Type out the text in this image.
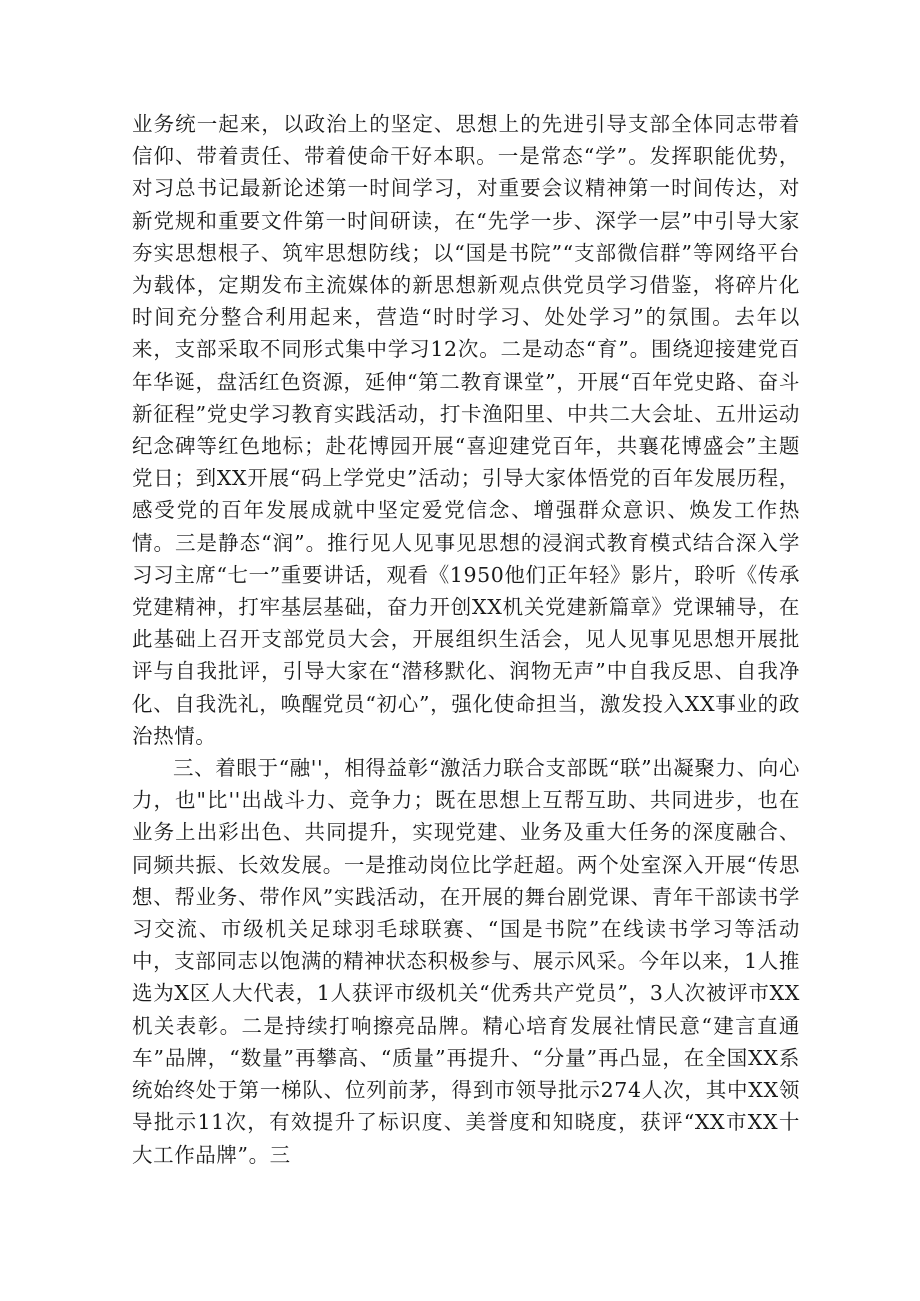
业务统一起来，以政治上的坚定、思想上的先进引导支部全体同志带着信仰、带着责任、带着使命干好本职。一是常态“学”。发挥职能优势，对习总书记最新论述第一时间学习，对重要会议精神第一时间传达，对新党规和重要文件第一时间研读，在“先学一步、深学一层”中引导大家夯实思想根子、筑牢思想防线；以“国是书院”“支部微信群”等网络平台为载体，定期发布主流媒体的新思想新观点供党员学习借鉴，将碎片化时间充分整合利用起来，营造“时时学习、处处学习”的氛围。去年以来，支部采取不同形式集中学习12次。二是动态“育”。围绕迎接建党百年华诞，盘活红色资源，延伸“第二教育课堂”，开展“百年党史路、奋斗新征程”党史学习教育实践活动，打卡渔阳里、中共二大会址、五卅运动纪念碑等红色地标；赴花博园开展“喜迎建党百年，共襄花博盛会”主题党日；到XX开展“码上学党史”活动；引导大家体悟党的百年发展历程，感受党的百年发展成就中坚定爱党信念、增强群众意识、焕发工作热情。三是静态“润”。推行见人见事见思想的浸润式教育模式结合深入学习习主席“七一”重要讲话，观看《1950他们正年轻》影片，聆听《传承党建精神，打牢基层基础，奋力开创XX机关党建新篇章》党课辅导，在此基础上召开支部党员大会，开展组织生活会，见人见事见思想开展批评与自我批评，引导大家在“潜移默化、润物无声”中自我反思、自我净化、自我洗礼，唤醒党员“初心”，强化使命担当，激发投入XX事业的政治热情。

三、着眼于“融''，相得益彰“激活力联合支部既“联”出凝聚力、向心力，也"比''出战斗力、竞争力；既在思想上互帮互助、共同进步，也在业务上出彩出色、共同提升，实现党建、业务及重大任务的深度融合、同频共振、长效发展。一是推动岗位比学赶超。两个处室深入开展“传思想、帮业务、带作风”实践活动，在开展的舞台剧党课、青年干部读书学习交流、市级机关足球羽毛球联赛、“国是书院”在线读书学习等活动中，支部同志以饱满的精神状态积极参与、展示风采。今年以来，1人推选为X区人大代表，1人获评市级机关“优秀共产党员”，3人次被评市XX机关表彰。二是持续打响擦亮品牌。精心培育发展社情民意“建言直通车”品牌，“数量”再攀高、“质量”再提升、“分量”再凸显，在全国XX系统始终处于第一梯队、位列前茅，得到市领导批示274人次，其中XX领导批示11次，有效提升了标识度、美誉度和知晓度，获评“XX市XX十大工作品牌”。三
